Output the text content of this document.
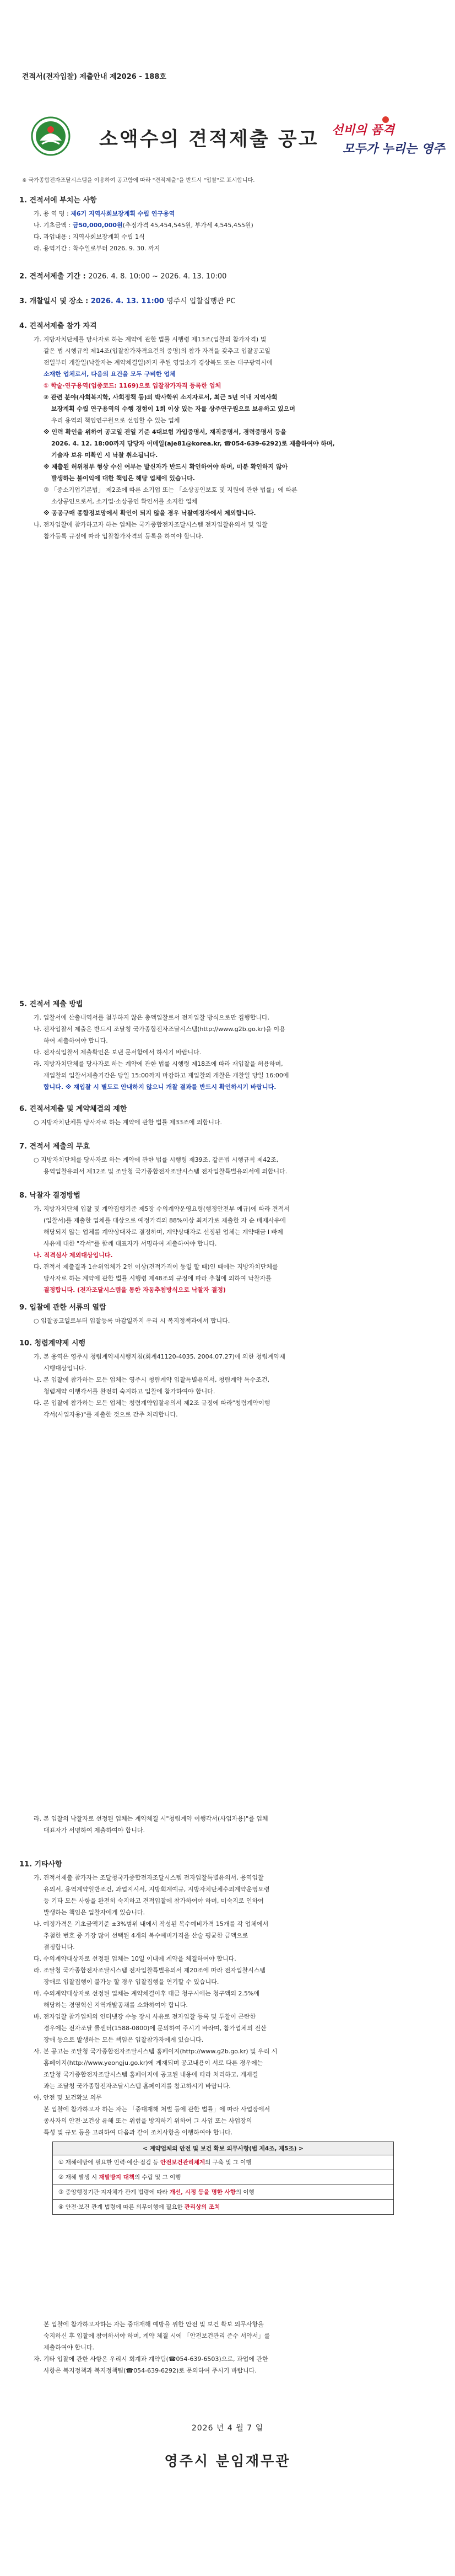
견적서(전자입찰) 제출안내 제2026 - 188호
소액수의 견적제출 공고 선비의 품격
모두가 누리는 영주
※ 국가종합전자조달시스템을 이용하여 공고함에 따라 "견적제출"을 반드시 "입찰"로 표시합니다.
1. 견적서에 부치는 사항
가. 용 역 명 : 제6기 지역사회보장계획 수립 연구용역
나. 기초금액 : 금50,000,000원(추정가격 45,454,545원, 부가세 4,545,455원)
다. 과업내용 : 지역사회보장계획 수립 1식
라. 용역기간 : 착수일로부터 2026. 9. 30. 까지
2. 견적서제출 기간 : 2026. 4. 8. 10:00 ~ 2026. 4. 13. 10:00
3. 개찰일시 및 장소 : 2026. 4. 13. 11:00 영주시 입찰집행관 PC
4. 견적서제출 참가 자격
가. 지방자치단체를 당사자로 하는 계약에 관한 법률 시행령 제13조(입찰의 참가자격) 및
같은 법 시행규칙 제14조(입찰참가자격요건의 증명)의 참가 자격을 갖추고 입찰공고일
전일부터 개찰일(낙찰자는 계약체결일)까지 주된 영업소가 경상북도 또는 대구광역시에
소재한 업체로서, 다음의 요건을 모두 구비한 업체
① 학술·연구용역(업종코드: 1169)으로 입찰참가자격 등록한 업체
② 관련 분야(사회복지학, 사회정책 등)의 박사학위 소지자로서, 최근 5년 이내 지역사회
보장계획 수립 연구용역의 수행 경험이 1회 이상 있는 자를 상주연구원으로 보유하고 있으며
우리 용역의 책임연구원으로 선임할 수 있는 업체
※ 인력 확인을 위하여 공고일 전일 기준 4대보험 가입증명서, 재직증명서, 경력증명서 등을
2026. 4. 12. 18:00까지 담당자 이메일(aje81@korea.kr, ☎054-639-6292)로 제출하여야 하며,
기술자 보유 미확인 시 낙찰 취소됩니다.
※ 제출된 허위첨부 형상 수신 여부는 발신자가 반드시 확인하여야 하며, 미분 확인하지 않아
발생하는 불이익에 대한 책임은 해당 업체에 있습니다.
③ 「중소기업기본법」 제2조에 따른 소기업 또는 「소상공인보호 및 지원에 관한 법률」에 따른
소상공인으로서, 소기업·소상공인 확인서를 소지한 업체
※ 공공구매 종합정보망에서 확인이 되지 않을 경우 낙찰예정자에서 제외합니다.
나. 전자입찰에 참가하고자 하는 업체는 국가종합전자조달시스템 전자입찰유의서 및 입찰
참가등록 규정에 따라 입찰참가자격의 등록을 하여야 합니다.
5. 견적서 제출 방법
가. 입찰서에 산출내역서를 첨부하지 않은 총액입찰로서 전자입찰 방식으로만 집행합니다.
나. 전자입찰서 제출은 반드시 조달청 국가종합전자조달시스템(http://www.g2b.go.kr)을 이용
하여 제출하여야 합니다.
다. 전자식입찰서 제출확인은 보낸 문서함에서 하시기 바랍니다.
라. 지방자치단체를 당사자로 하는 계약에 관한 법률 시행령 제18조에 따라 재입찰을 허용하며,
재입찰의 입찰서제출기간은 당일 15:00까지 마감하고 재입찰의 개찰은 개찰일 당일 16:00에
합니다. ※ 재입찰 시 별도로 안내하지 않으니 개찰 결과를 반드시 확인하시기 바랍니다.
6. 견적서제출 및 계약체결의 제한
○ 지방자치단체를 당사자로 하는 계약에 관한 법률 제33조에 의합니다.
7. 견적서 제출의 무효
○ 지방자치단체를 당사자로 하는 계약에 관한 법률 시행령 제39조, 같은법 시행규칙 제42조,
용역입찰유의서 제12조 및 조달청 국가종합전자조달시스템 전자입찰특별유의서에 의합니다.
8. 낙찰자 결정방법
가. 지방자치단체 입찰 및 계약집행기준 제5장 수의계약운영요령(행정안전부 예규)에 따라 견적서
(입찰서)를 제출한 업체를 대상으로 예정가격의 88%이상 최저가로 제출한 자 순 배제사유에
해당되지 않는 업체를 계약상대자로 결정하며, 계약상대자로 선정된 업체는 계약대금 I 빠제
사유에 대한 "각서"를 함께 대표자가 서명하여 제출하여야 합니다.
나. 적격심사 제외대상입니다.
다. 견적서 제출결과 1순위업체가 2인 이상(견적가격이 동일 할 때)인 때에는 지방자치단체를
당사자로 하는 계약에 관한 법률 시행령 제48조의 규정에 따라 추첨에 의하여 낙찰자를
결정합니다. (전자조달시스템을 통한 자동추첨방식으로 낙찰자 결정)
9. 입찰에 관한 서류의 열람
○ 입찰공고일로부터 입찰등록 마감일까지 우리 시 복지정책과에서 합니다.
10. 청렴계약제 시행
가. 본 용역은 영주시 청렴계약제시행지침(회계41120-4035, 2004.07.27)에 의한 청렴계약제
시행대상입니다.
나. 본 입찰에 참가하는 모든 업체는 영주시 청렴계약 입찰특별유의서, 청렴계약 특수조건,
청렴계약 이행각서를 완전히 숙지하고 입찰에 참가하여야 합니다.
다. 본 입찰에 참가하는 모든 업체는 청렴계약입찰유의서 제2조 규정에 따라"청렴계약이행
각서(사업자용)"를 제출한 것으로 간주 처리합니다.
라. 본 입찰의 낙찰자로 선정된 업체는 계약체결 시"청렴계약 이행각서(사업자용)"를 업체
대표자가 서명하여 제출하여야 합니다.
11. 기타사항
가. 견적서제출 참가자는 조달청국가종합전자조달시스템 전자입찰특별유의서, 용역입찰
유의서, 용역계약일반조건, 과업지시서, 지방회계예규, 지방자치단체수의계약운영요령
등 기타 모든 사항을 완전히 숙지하고 견적입찰에 참가하여야 하며, 미숙지로 인하여
발생하는 책임은 입찰자에게 있습니다.
나. 예정가격은 기초금액기준 ±3%범위 내에서 작성된 복수예비가격 15개를 각 업체에서
추첨한 번호 중 가장 많이 선택된 4개의 복수예비가격을 산술 평균한 금액으로
결정합니다.
다. 수의계약대상자로 선정된 업체는 10일 이내에 계약을 체결하여야 합니다.
라. 조달청 국가종합전자조달시스템 전자입찰특별유의서 제20조에 따라 전자입찰시스템
장애로 입찰집행이 불가능 할 경우 입찰집행을 연기할 수 있습니다.
마. 수의계약대상자로 선정된 업체는 계약체결이후 대금 청구시에는 청구액의 2.5%에
해당하는 경영혁신 지역개발공채를 소화하여야 합니다.
바. 전자입찰 참가업체의 인터넷장 수능 장시 사유로 전자입찰 등록 및 투찰이 곤란한
경우에는 전자조달 콜센터(1588-0800)에 문의하여 주시기 바라며, 참가업체의 전산
장애 등으로 발생하는 모든 책임은 입찰참가자에게 있습니다.
사. 본 공고는 조달청 국가종합전자조달시스템 홈페이지(http://www.g2b.go.kr) 및 우리 시
홈페이지(http://www.yeongju.go.kr)에 게재되며 공고내용이 서로 다른 경우에는
조달청 국가종합전자조달시스템 홈페이지에 공고된 내용에 따라 처리하고, 게재결
과는 조달청 국가종합전자조달시스템 홈페이지를 참고하시기 바랍니다.
아. 안전 및 보건확보 의무
본 입찰에 참가하고자 하는 자는 「중대재해 처벌 등에 관한 법률」에 따라 사업장에서
종사자의 안전·보건상 유해 또는 위험을 방지하기 위하여 그 사업 또는 사업장의
특성 및 규모 등을 고려하여 다음과 같이 조치사항을 이행하여야 합니다.
< 계약업체의 안전 및 보건 확보 의무사항(법 제4조, 제5조) >
① 재해예방에 필요한 인력·예산·점검 등 안전보건관리체계의 구축 및 그 이행
② 재해 발생 시 재발방지 대책의 수립 및 그 이행
③ 중앙행정기관·지자체가 관계 법령에 따라 개선, 시정 등을 명한 사항의 이행
④ 안전·보건 관계 법령에 따른 의무이행에 필요한 관리상의 조치
본 입찰에 참가하고자하는 자는 중대재해 예방을 위한 안전 및 보건 확보 의무사항을
숙지하신 후 입찰에 참여하셔야 하며, 계약 체결 시에 「안전보건관리 준수 서약서」를
제출하여야 합니다.
자. 기타 입찰에 관한 사항은 우리시 회계과 계약팀(☎054-639-6503)으로, 과업에 관한
사항은 복지정책과 복지정책팀(☎054-639-6292)로 문의하여 주시기 바랍니다.
2026 년 4 월 7 일
영주시 분임재무관
